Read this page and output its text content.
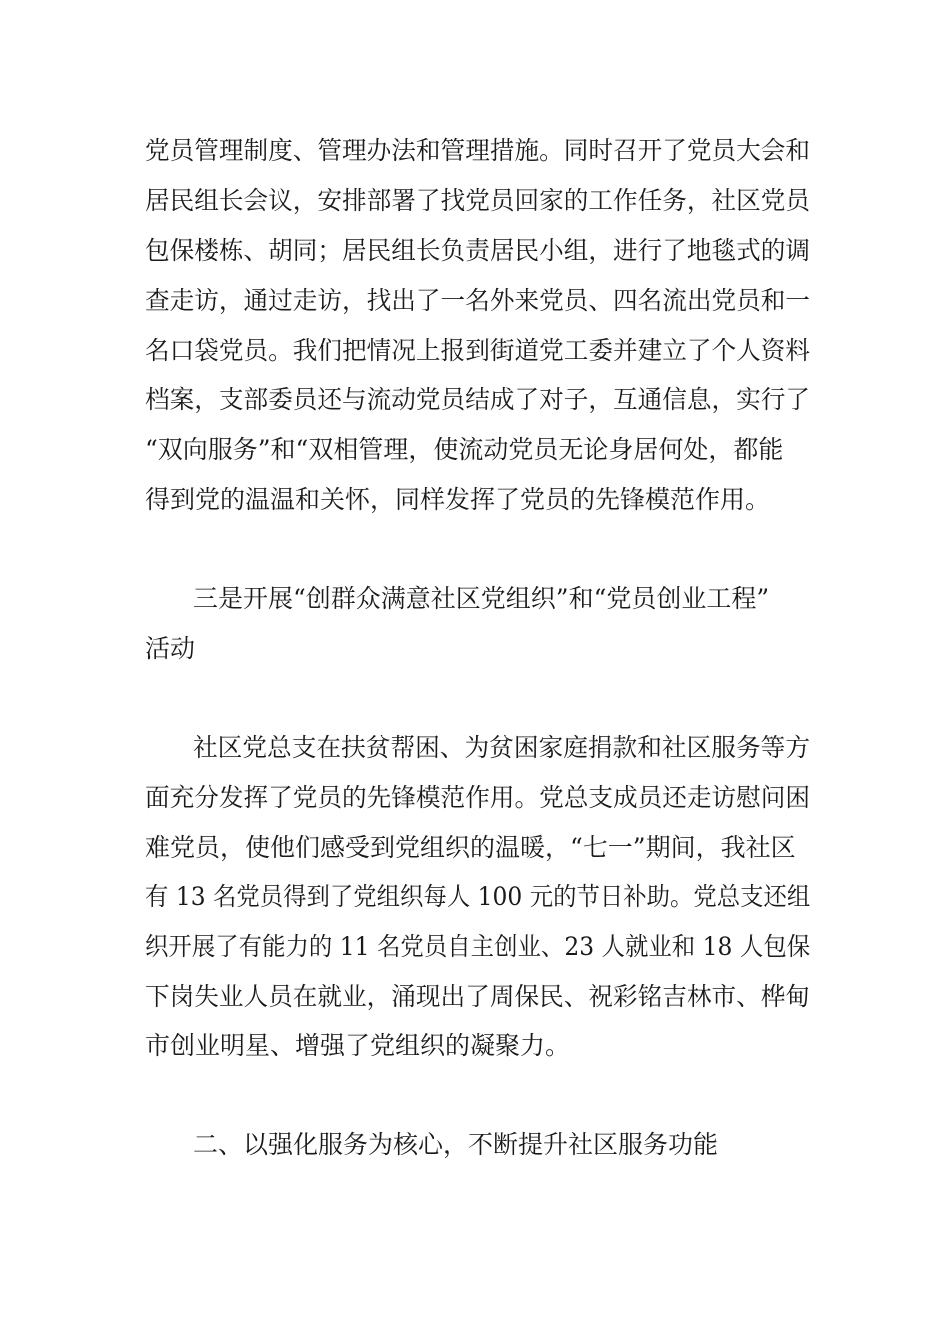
党员管理制度、管理办法和管理措施。同时召开了党员大会和
居民组长会议，安排部署了找党员回家的工作任务，社区党员
包保楼栋、胡同；居民组长负责居民小组，进行了地毯式的调
查走访，通过走访，找出了一名外来党员、四名流出党员和一
名口袋党员。我们把情况上报到街道党工委并建立了个人资料
档案，支部委员还与流动党员结成了对子，互通信息，实行了
“双向服务”和“双相管理，使流动党员无论身居何处，都能
得到党的温温和关怀，同样发挥了党员的先锋模范作用。
三是开展“创群众满意社区党组织”和“党员创业工程”
活动
社区党总支在扶贫帮困、为贫困家庭捐款和社区服务等方
面充分发挥了党员的先锋模范作用。党总支成员还走访慰问困
难党员，使他们感受到党组织的温暖，“七一”期间，我社区
有 13 名党员得到了党组织每人 100 元的节日补助。党总支还组
织开展了有能力的 11 名党员自主创业、23 人就业和 18 人包保
下岗失业人员在就业，涌现出了周保民、祝彩铭吉林市、桦甸
市创业明星、增强了党组织的凝聚力。
二、以强化服务为核心，不断提升社区服务功能
